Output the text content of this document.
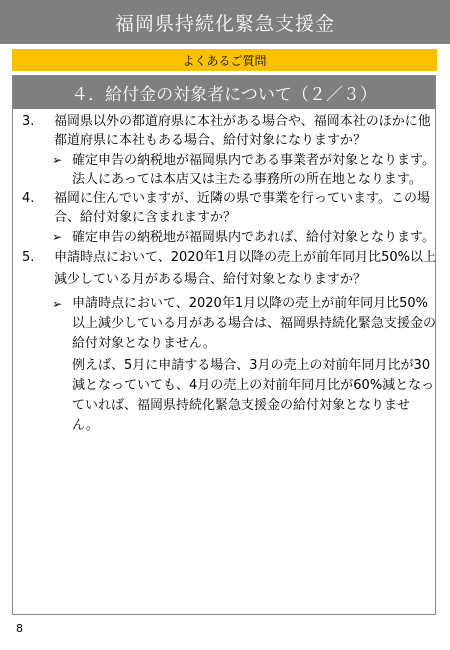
福岡県持続化緊急支援金
よくあるご質問
４．給付金の対象者について（２／３）
3.	福岡県以外の都道府県に本社がある場合や、福岡本社のほかに他都道府県に本社もある場合、給付対象になりますか？
➢ 確定申告の納税地が福岡県内である事業者が対象となります。法人にあっては本店又は主たる事務所の所在地となります。
4.	福岡に住んでいますが、近隣の県で事業を行っています。この場合、給付対象に含まれますか？
➢ 確定申告の納税地が福岡県内であれば、給付対象となります。
5.	申請時点において、2020年1月以降の売上が前年同月比50%以上減少している月がある場合、給付対象となりますか？
➢ 申請時点において、2020年1月以降の売上が前年同月比50%以上減少している月がある場合は、福岡県持続化緊急支援金の給付対象となりません。
例えば、5月に申請する場合、3月の売上の対前年同月比が30減となっていても、4月の売上の対前年同月比が60%減となっていれば、福岡県持続化緊急支援金の給付対象となりません。
8
